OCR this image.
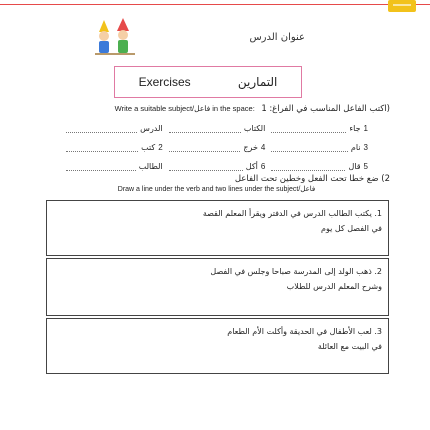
عنوان الدرس
Exercises	التمارين
Write a suitable subject/فاعل in the space: اكتب الفاعل المناسب في الفراغ: 1)
1
جاء
الكتاب
الدرس
3
نام
4
خرج
2
كتب
5
قال
6
أكل
الطالب
2) ضع خطا تحت الفعل وخطين تحت الفاعل
Draw a line under the verb and two lines under the subject/فاعل
1. يكتب الطالب الدرس في الدفتر ويقرأ المعلم القصة
في الفصل كل يوم
2. ذهب الولد إلى المدرسة صباحا وجلس في الفصل
وشرح المعلم الدرس للطلاب
3. لعب الأطفال في الحديقة وأكلت الأم الطعام
في البيت مع العائلة
